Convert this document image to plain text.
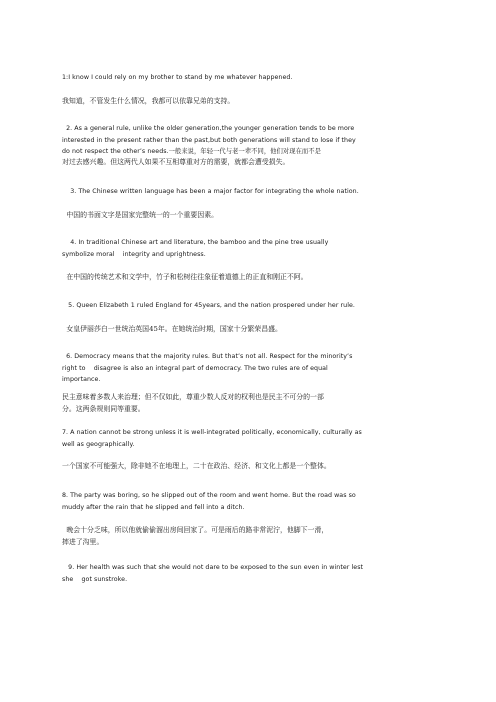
1:I know I could rely on my brother to stand by me whatever happened.

我知道，不管发生什么情况，我都可以依靠兄弟的支持。

2. As a general rule, unlike the older generation,the younger generation tends to be more
interested in the present rather than the past,but both generations will stand to lose if they
do not respect the other’s needs.一般来说，年轻一代与老一辈不同，他们对现在而不是

对过去感兴趣。但这两代人如果不互相尊重对方的需要，就都会遭受损失。

3. The Chinese written language has been a major factor for integrating the whole nation.

中国的书面文字是国家完整统一的一个重要因素。

4. In traditional Chinese art and literature, the bamboo and the pine tree usually
symbolize moral    integrity and uprightness.

在中国的传统艺术和文学中，竹子和松树往往象征着道德上的正直和刚正不阿。

5. Queen Elizabeth 1 ruled England for 45years, and the nation prospered under her rule.

女皇伊丽莎白一世统治英国45年。在她统治时期，国家十分繁荣昌盛。

6. Democracy means that the majority rules. But that’s not all. Respect for the minority’s
right to    disagree is also an integral part of democracy. The two rules are of equal
importance.

民主意味着多数人来治理；但不仅如此，尊重少数人反对的权利也是民主不可分的一部
分。这两条规则同等重要。

7. A nation cannot be strong unless it is well-integrated politically, economically, culturally as
well as geographically.

一个国家不可能强大，除非她不在地理上，二十在政治、经济、和文化上都是一个整体。

8. The party was boring, so he slipped out of the room and went home. But the road was so
muddy after the rain that he slipped and fell into a ditch.

晚会十分乏味，所以他就偷偷溜出房间回家了。可是雨后的路非常泥泞，他脚下一滑，
摔进了沟里。

9. Her health was such that she would not dare to be exposed to the sun even in winter lest
she    got sunstroke.
